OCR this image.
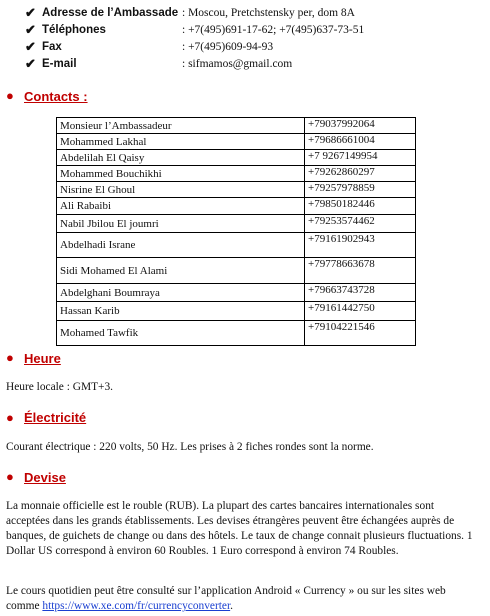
✔ Adresse de l’Ambassade : Moscou, Pretchstensky per, dom 8A
✔ Téléphones	: +7(495)691-17-62; +7(495)637-73-51
✔ Fax	: +7(495)609-94-93
✔ E-mail	: sifmamos@gmail.com
● Contacts :
Monsieur l’Ambassadeur	+79037992064
Mohammed Lakhal	+79686661004
Abdelilah El Qaisy	+7 9267149954
Mohammed Bouchikhi	+79262860297
Nisrine El Ghoul	+79257978859
Ali Rabaibi	+79850182446
Nabil Jbilou El joumri	+79253574462
Abdelhadi Israne	+79161902943
Sidi Mohamed El Alami	+79778663678
Abdelghani Boumraya	+79663743728
Hassan Karib	+79161442750
Mohamed Tawfik	+79104221546
● Heure
Heure locale : GMT+3.
● Électricité
Courant électrique : 220 volts, 50 Hz. Les prises à 2 fiches rondes sont la norme.
● Devise
La monnaie officielle est le rouble (RUB). La plupart des cartes bancaires internationales sont acceptées dans les grands établissements. Les devises étrangères peuvent être échangées auprès de banques, de guichets de change ou dans des hôtels. Le taux de change connait plusieurs fluctuations. 1 Dollar US correspond à environ 60 Roubles. 1 Euro correspond à environ 74 Roubles.
Le cours quotidien peut être consulté sur l’application Android « Currency » ou sur les sites web comme https://www.xe.com/fr/currencyconverter.
